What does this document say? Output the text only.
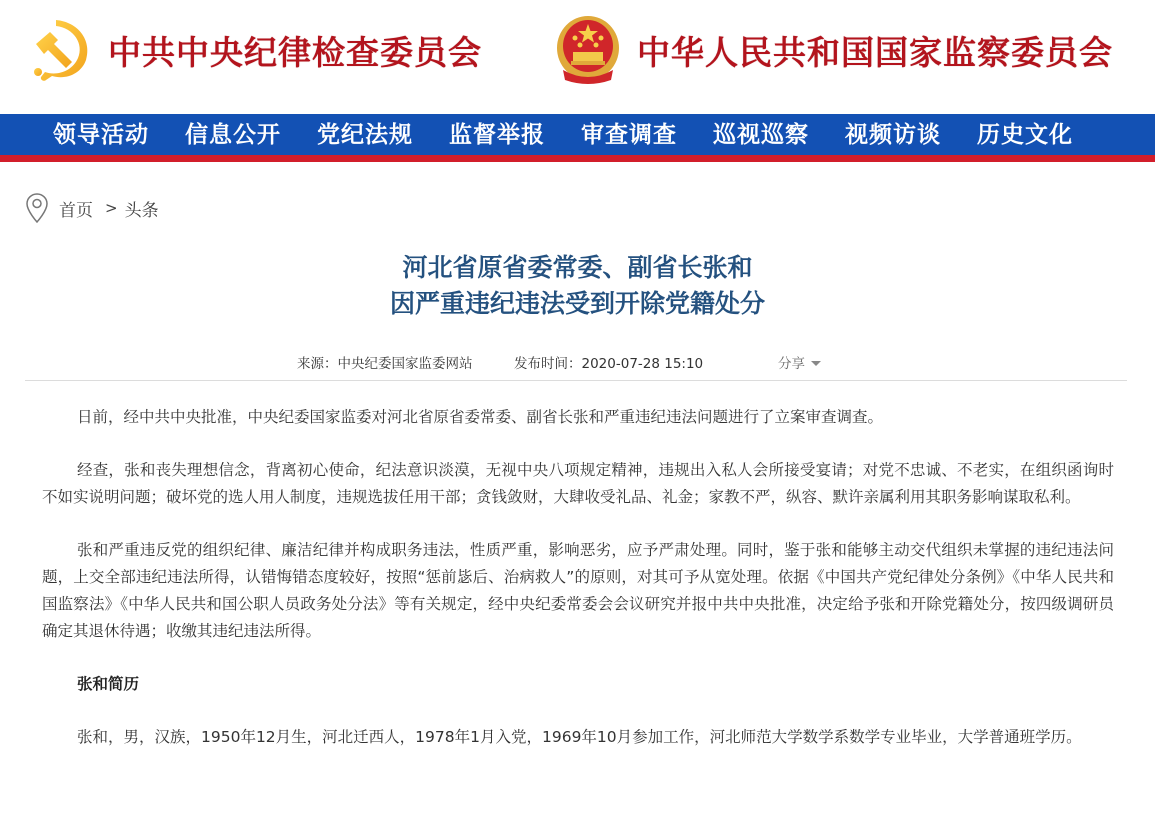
中共中央纪律检查委员会	中华人民共和国国家监察委员会
领导活动 信息公开 党纪法规 监督举报 审查调查 巡视巡察 视频访谈 历史文化
首页 > 头条
河北省原省委常委、副省长张和
因严重违纪违法受到开除党籍处分
来源：中央纪委国家监委网站	发布时间：2020-07-28 15:10	分享

日前，经中共中央批准，中央纪委国家监委对河北省原省委常委、副省长张和严重违纪违法问题进行了立案审查调查。

经查，张和丧失理想信念，背离初心使命，纪法意识淡漠，无视中央八项规定精神，违规出入私人会所接受宴请；对党不忠诚、不老实，在组织函询时不如实说明问题；破坏党的选人用人制度，违规选拔任用干部；贪钱敛财，大肆收受礼品、礼金；家教不严，纵容、默许亲属利用其职务影响谋取私利。

张和严重违反党的组织纪律、廉洁纪律并构成职务违法，性质严重，影响恶劣，应予严肃处理。同时，鉴于张和能够主动交代组织未掌握的违纪违法问题，上交全部违纪违法所得，认错悔错态度较好，按照“惩前毖后、治病救人”的原则，对其可予从宽处理。依据《中国共产党纪律处分条例》《中华人民共和国监察法》《中华人民共和国公职人员政务处分法》等有关规定，经中央纪委常委会会议研究并报中共中央批准，决定给予张和开除党籍处分，按四级调研员确定其退休待遇；收缴其违纪违法所得。

张和简历

张和，男，汉族，1950年12月生，河北迁西人，1978年1月入党，1969年10月参加工作，河北师范大学数学系数学专业毕业，大学普通班学历。
